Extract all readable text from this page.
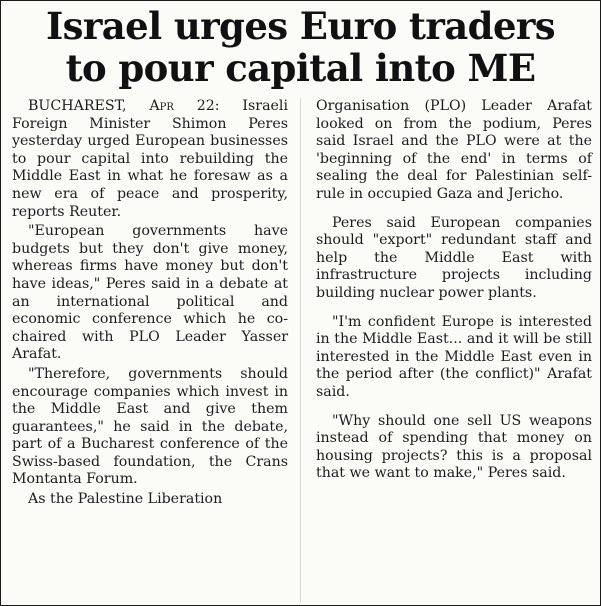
Israel urges Euro traders
to pour capital into ME

BUCHAREST, Apr 22: Israeli Foreign Minister Shimon Peres yesterday urged European businesses to pour capital into rebuilding the Middle East in what he foresaw as a new era of peace and prosperity, reports Reuter.

"European governments have budgets but they don't give money, whereas firms have money but don't have ideas," Peres said in a debate at an international political and economic conference which he co-chaired with PLO Leader Yasser Arafat.

"Therefore, governments should encourage companies which invest in the Middle East and give them guarantees," he said in the debate, part of a Bucharest conference of the Swiss-based foundation, the Crans Montanta Forum.

As the Palestine Liberation

Organisation (PLO) Leader Arafat looked on from the podium, Peres said Israel and the PLO were at the 'beginning of the end' in terms of sealing the deal for Palestinian self-rule in occupied Gaza and Jericho.

Peres said European companies should "export" redundant staff and help the Middle East with infrastructure projects including building nuclear power plants.

"I'm confident Europe is interested in the Middle East... and it will be still interested in the Middle East even in the period after (the conflict)" Arafat said.

"Why should one sell US weapons instead of spending that money on housing projects? this is a proposal that we want to make," Peres said.
